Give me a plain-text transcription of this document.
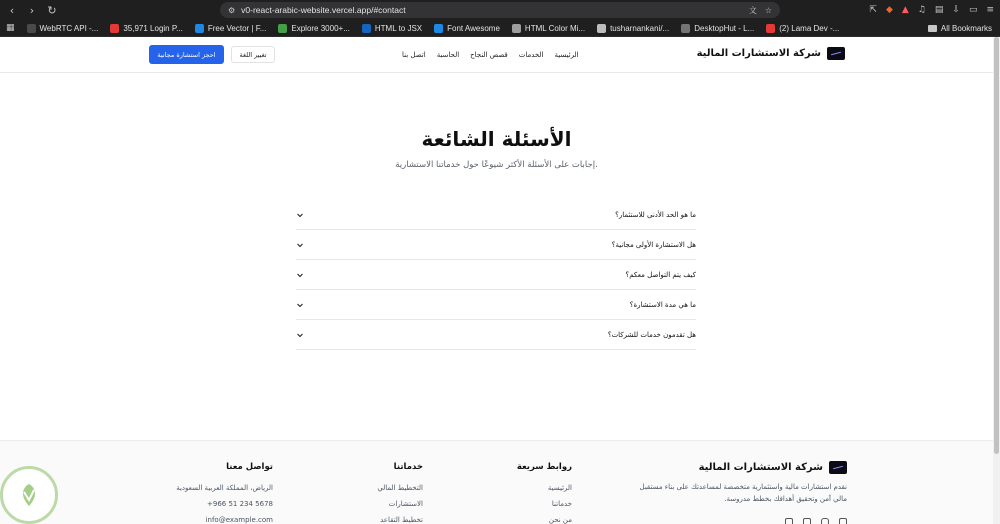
‹	›	↻	⚙ v0-react-arabic-website.vercel.app/#contact	文 ☆	⇱ ◆ ▲ ♫ ▤ ⇩ ▭ ≡
▦	WebRTC API -...	35,971 Login P...	Free Vector | F...	Explore 3000+...	HTML to JSX	Font Awesome	HTML Color Mi...	tusharnankani/...	DesktopHut - L...	(2) Lama Dev -...	All Bookmarks
شركة الاستشارات المالية
الرئيسية
الخدمات
قصص النجاح
الحاسبة
اتصل بنا
تغيير اللغة
احجز استشارة مجانية
الأسئلة الشائعة

إجابات على الأسئلة الأكثر شيوعًا حول خدماتنا الاستشارية.

ما هو الحد الأدنى للاستثمار؟
هل الاستشارة الأولى مجانية؟
كيف يتم التواصل معكم؟
ما هي مدة الاستشارة؟
هل تقدمون خدمات للشركات؟
شركة الاستشارات المالية

نقدم استشارات مالية واستثمارية متخصصة لمساعدتك على بناء مستقبل مالي آمن وتحقيق أهدافك بخطط مدروسة.

روابط سريعة
الرئيسية
خدماتنا
من نحن
خدماتنا
التخطيط المالي
الاستشارات
تخطيط التقاعد
تواصل معنا
الرياض، المملكة العربية السعودية
+966 51 234 5678
info@example.com
